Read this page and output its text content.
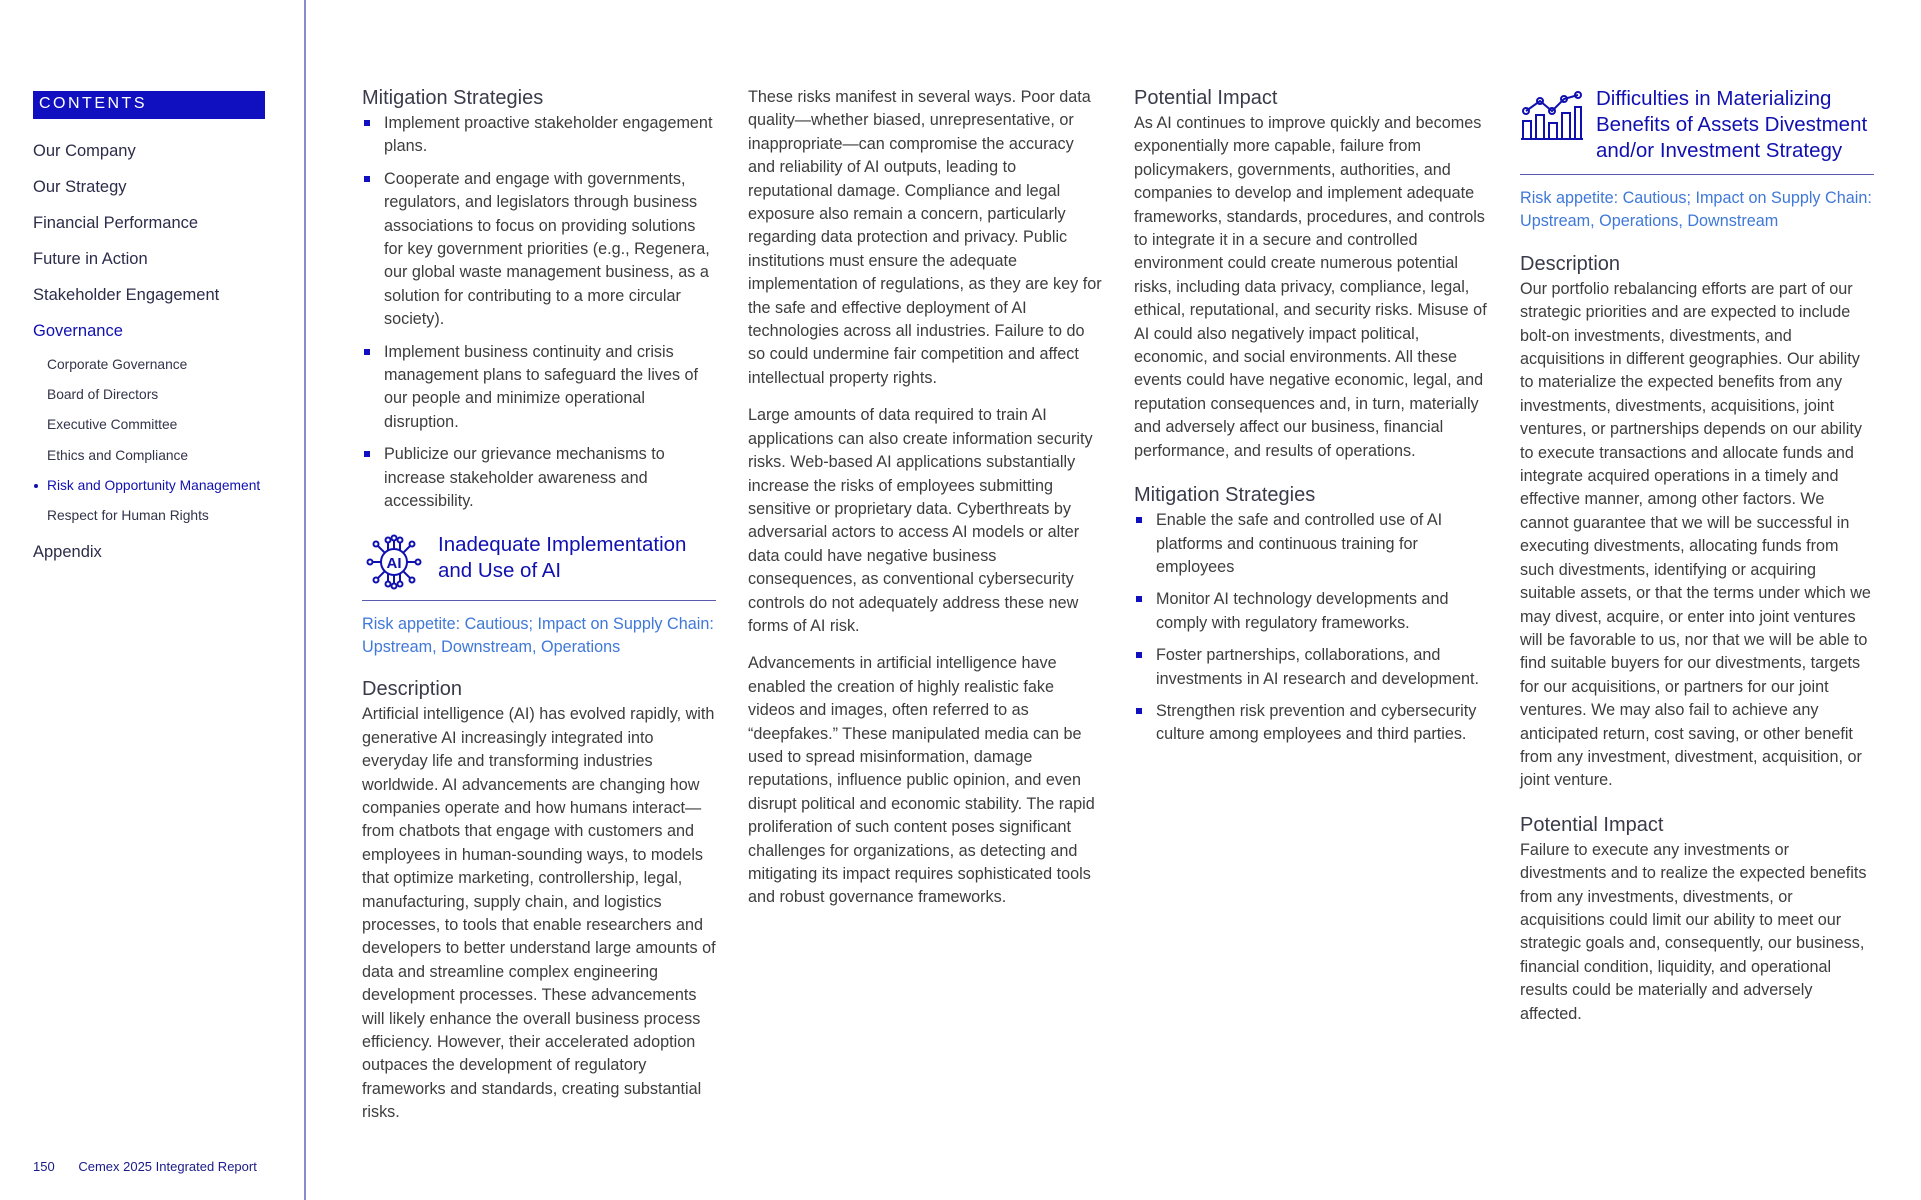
CONTENTS
Our Company
Our Strategy
Financial Performance
Future in Action
Stakeholder Engagement
Governance
Corporate Governance
Board of Directors
Executive Committee
Ethics and Compliance
Risk and Opportunity Management
Respect for Human Rights
Appendix
150 Cemex 2025 Integrated Report
Mitigation Strategies
Implement proactive stakeholder engagement plans.
Cooperate and engage with governments, regulators, and legislators through business associations to focus on providing solutions for key government priorities (e.g., Regenera, our global waste management business, as a solution for contributing to a more circular society).
Implement business continuity and crisis management plans to safeguard the lives of our people and minimize operational disruption.
Publicize our grievance mechanisms to increase stakeholder awareness and accessibility.
AI
Inadequate Implementation and Use of AI

Risk appetite: Cautious; Impact on Supply Chain: Upstream, Downstream, Operations

Description

Artificial intelligence (AI) has evolved rapidly, with generative AI increasingly integrated into everyday life and transforming industries worldwide. AI advancements are changing how companies operate and how humans interact—from chatbots that engage with customers and employees in human-sounding ways, to models that optimize marketing, controllership, legal, manufacturing, supply chain, and logistics processes, to tools that enable researchers and developers to better understand large amounts of data and streamline complex engineering development processes. These advancements will likely enhance the overall business process efficiency. However, their accelerated adoption outpaces the development of regulatory frameworks and standards, creating substantial risks.

These risks manifest in several ways. Poor data quality—whether biased, unrepresentative, or inappropriate—can compromise the accuracy and reliability of AI outputs, leading to reputational damage. Compliance and legal exposure also remain a concern, particularly regarding data protection and privacy. Public institutions must ensure the adequate implementation of regulations, as they are key for the safe and effective deployment of AI technologies across all industries. Failure to do so could undermine fair competition and affect intellectual property rights.

Large amounts of data required to train AI applications can also create information security risks. Web-based AI applications substantially increase the risks of employees submitting sensitive or proprietary data. Cyberthreats by adversarial actors to access AI models or alter data could have negative business consequences, as conventional cybersecurity controls do not adequately address these new forms of AI risk.

Advancements in artificial intelligence have enabled the creation of highly realistic fake videos and images, often referred to as “deepfakes.” These manipulated media can be used to spread misinformation, damage reputations, influence public opinion, and even disrupt political and economic stability. The rapid proliferation of such content poses significant challenges for organizations, as detecting and mitigating its impact requires sophisticated tools and robust governance frameworks.

Potential Impact

As AI continues to improve quickly and becomes exponentially more capable, failure from policymakers, governments, authorities, and companies to develop and implement adequate frameworks, standards, procedures, and controls to integrate it in a secure and controlled environment could create numerous potential risks, including data privacy, compliance, legal, ethical, reputational, and security risks. Misuse of AI could also negatively impact political, economic, and social environments. All these events could have negative economic, legal, and reputation consequences and, in turn, materially and adversely affect our business, financial performance, and results of operations.

Mitigation Strategies
Enable the safe and controlled use of AI platforms and continuous training for employees
Monitor AI technology developments and comply with regulatory frameworks.
Foster partnerships, collaborations, and investments in AI research and development.
Strengthen risk prevention and cybersecurity culture among employees and third parties.
Difficulties in Materializing Benefits of Assets Divestment and/or Investment Strategy

Risk appetite: Cautious; Impact on Supply Chain: Upstream, Operations, Downstream

Description

Our portfolio rebalancing efforts are part of our strategic priorities and are expected to include bolt-on investments, divestments, and acquisitions in different geographies. Our ability to materialize the expected benefits from any investments, divestments, acquisitions, joint ventures, or partnerships depends on our ability to execute transactions and allocate funds and integrate acquired operations in a timely and effective manner, among other factors. We cannot guarantee that we will be successful in executing divestments, allocating funds from such divestments, identifying or acquiring suitable assets, or that the terms under which we may divest, acquire, or enter into joint ventures will be favorable to us, nor that we will be able to find suitable buyers for our divestments, targets for our acquisitions, or partners for our joint ventures. We may also fail to achieve any anticipated return, cost saving, or other benefit from any investment, divestment, acquisition, or joint venture.

Potential Impact

Failure to execute any investments or divestments and to realize the expected benefits from any investments, divestments, or acquisitions could limit our ability to meet our strategic goals and, consequently, our business, financial condition, liquidity, and operational results could be materially and adversely affected.
